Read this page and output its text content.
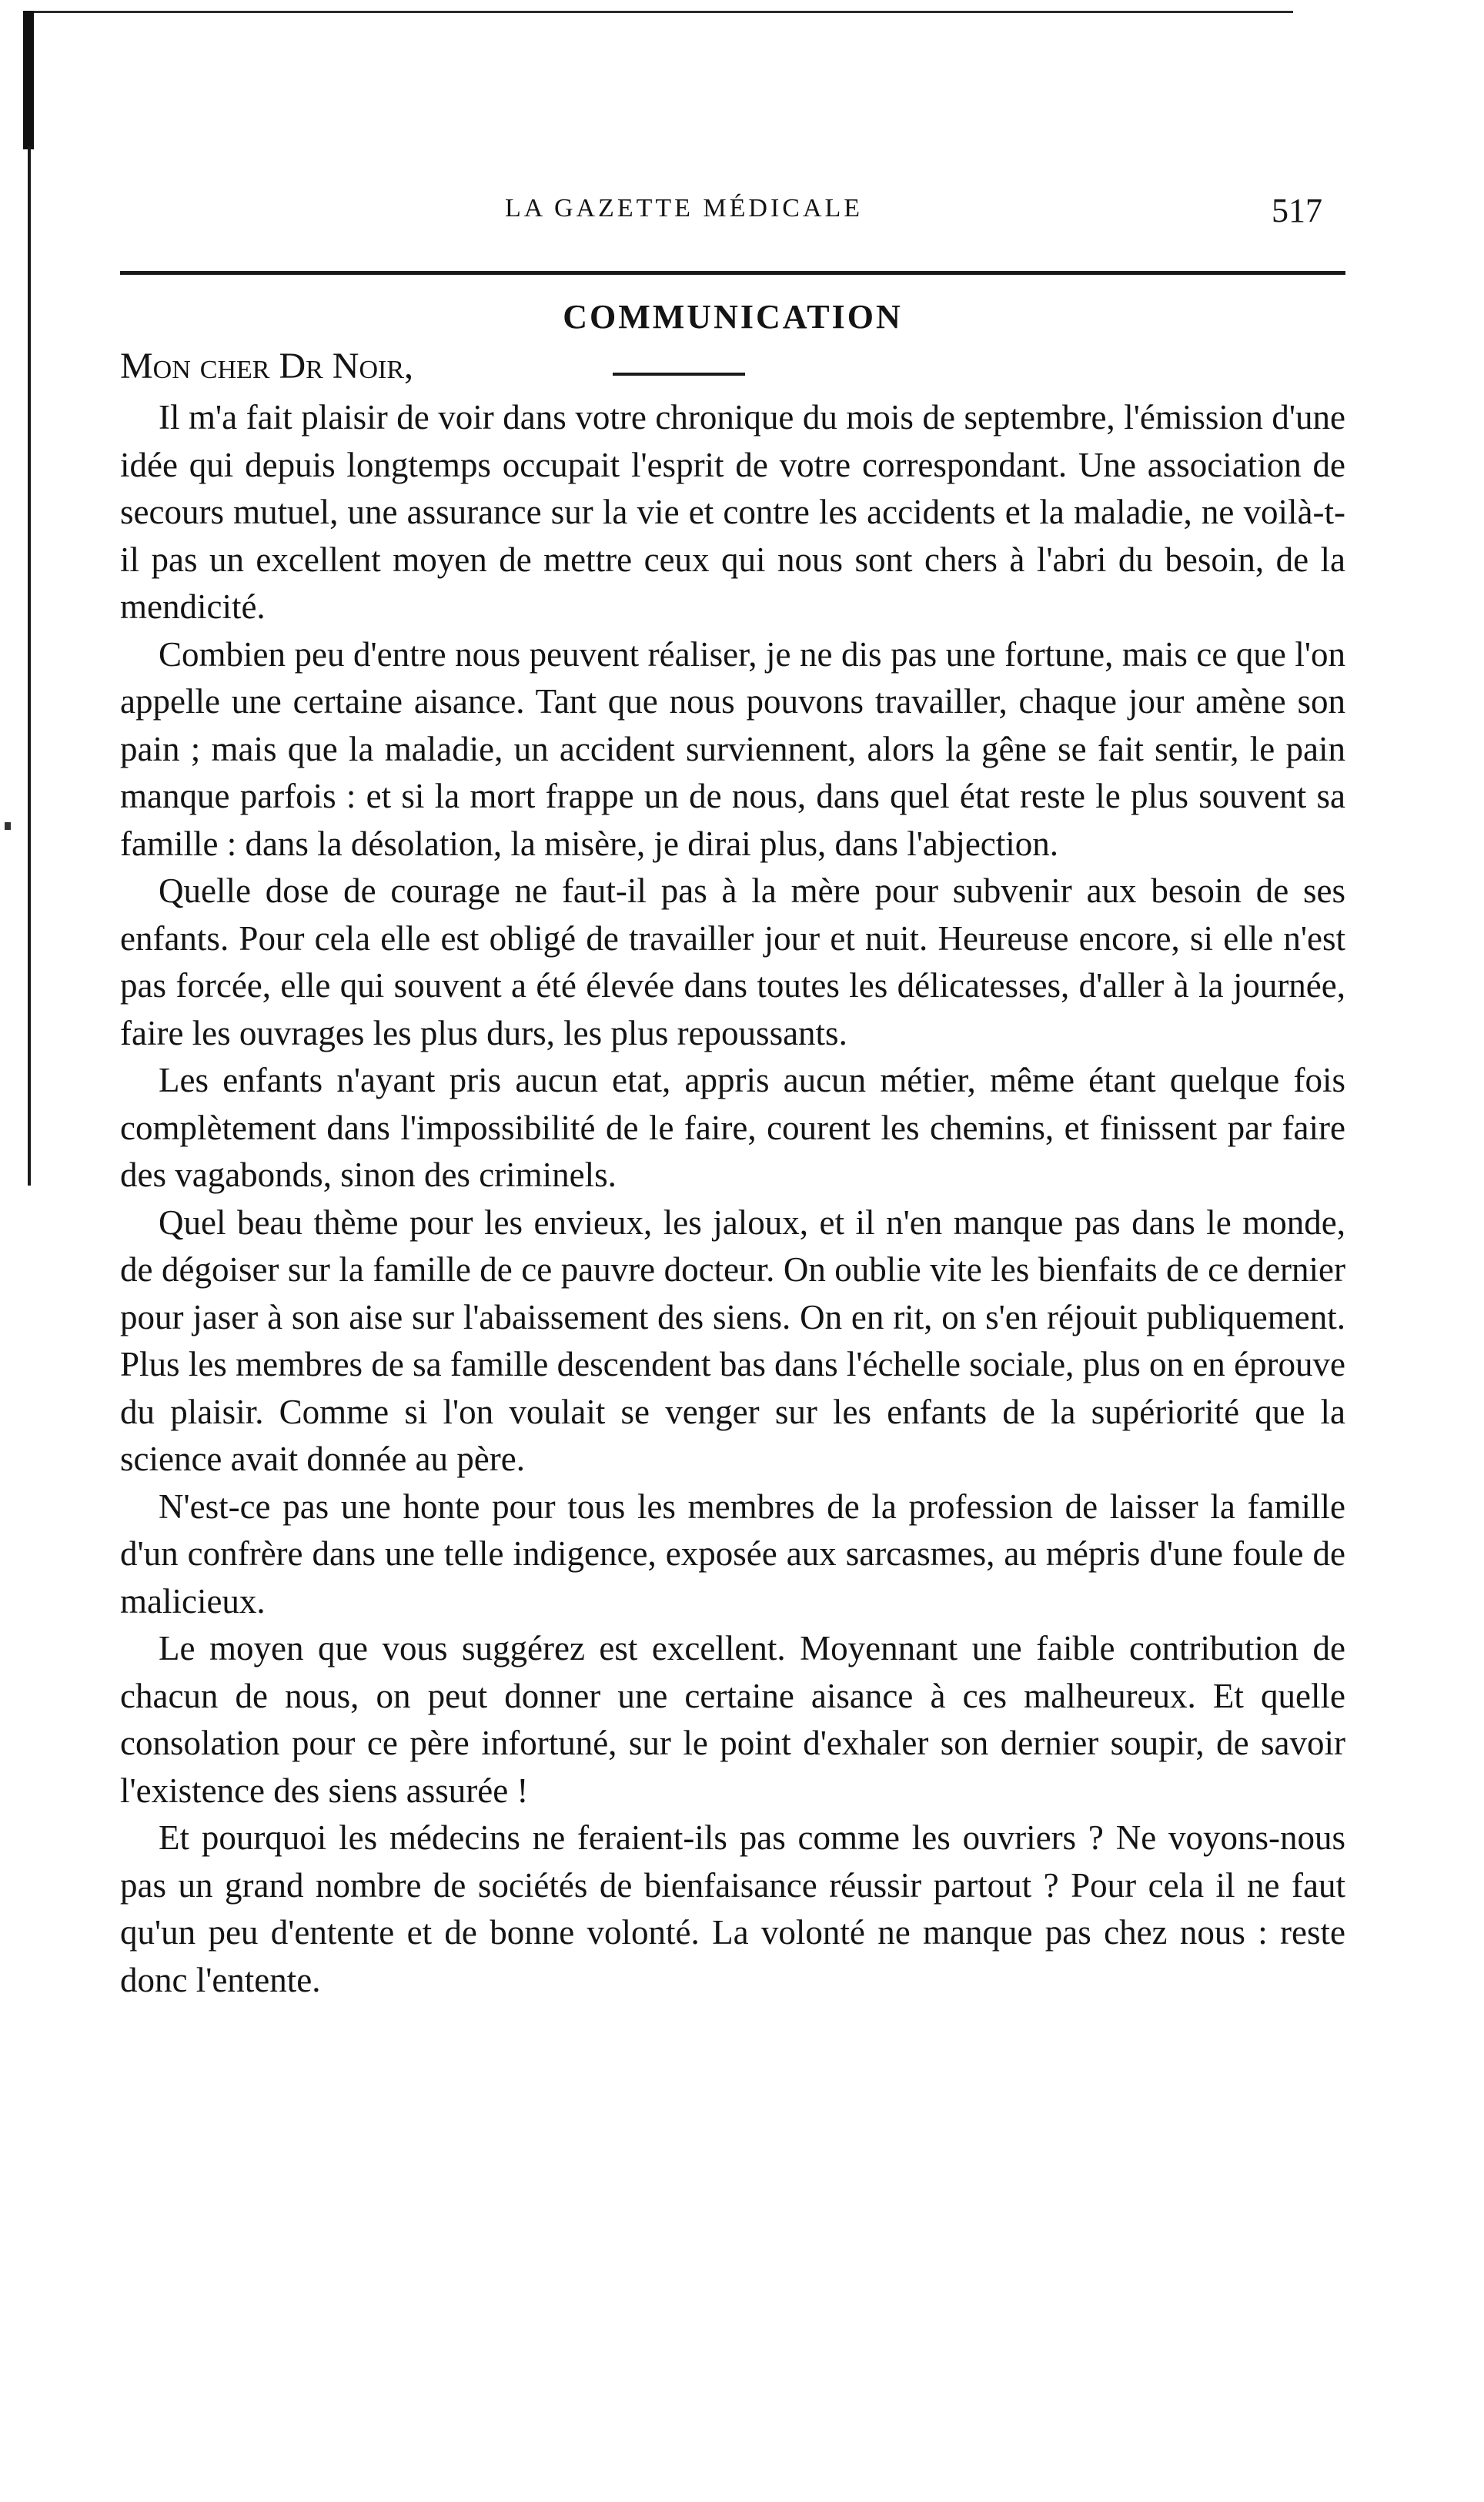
LA GAZETTE MÉDICALE	517
COMMUNICATION
Mon cher Dr Noir,

Il m'a fait plaisir de voir dans votre chronique du mois de septembre, l'émission d'une idée qui depuis longtemps occupait l'esprit de votre correspondant. Une association de secours mutuel, une assurance sur la vie et contre les accidents et la maladie, ne voilà-t-il pas un excellent moyen de mettre ceux qui nous sont chers à l'abri du besoin, de la mendicité.

Combien peu d'entre nous peuvent réaliser, je ne dis pas une fortune, mais ce que l'on appelle une certaine aisance. Tant que nous pouvons travailler, chaque jour amène son pain ; mais que la maladie, un accident surviennent, alors la gêne se fait sentir, le pain manque parfois : et si la mort frappe un de nous, dans quel état reste le plus souvent sa famille : dans la désolation, la misère, je dirai plus, dans l'abjection.

Quelle dose de courage ne faut-il pas à la mère pour subvenir aux besoin de ses enfants. Pour cela elle est obligé de travailler jour et nuit. Heureuse encore, si elle n'est pas forcée, elle qui souvent a été élevée dans toutes les délicatesses, d'aller à la journée, faire les ouvrages les plus durs, les plus repoussants.

Les enfants n'ayant pris aucun etat, appris aucun métier, même étant quelque fois complètement dans l'impossibilité de le faire, courent les chemins, et finissent par faire des vagabonds, sinon des criminels.

Quel beau thème pour les envieux, les jaloux, et il n'en manque pas dans le monde, de dégoiser sur la famille de ce pauvre docteur. On oublie vite les bienfaits de ce dernier pour jaser à son aise sur l'abaissement des siens. On en rit, on s'en réjouit publiquement. Plus les membres de sa famille descendent bas dans l'échelle sociale, plus on en éprouve du plaisir. Comme si l'on voulait se venger sur les enfants de la supériorité que la science avait donnée au père.

N'est-ce pas une honte pour tous les membres de la profession de laisser la famille d'un confrère dans une telle indigence, exposée aux sarcasmes, au mépris d'une foule de malicieux.

Le moyen que vous suggérez est excellent. Moyennant une faible contribution de chacun de nous, on peut donner une certaine aisance à ces malheureux. Et quelle consolation pour ce père infortuné, sur le point d'exhaler son dernier soupir, de savoir l'existence des siens assurée !

Et pourquoi les médecins ne feraient-ils pas comme les ouvriers ? Ne voyons-nous pas un grand nombre de sociétés de bienfaisance réussir partout ? Pour cela il ne faut qu'un peu d'entente et de bonne volonté. La volonté ne manque pas chez nous : reste donc l'entente.
